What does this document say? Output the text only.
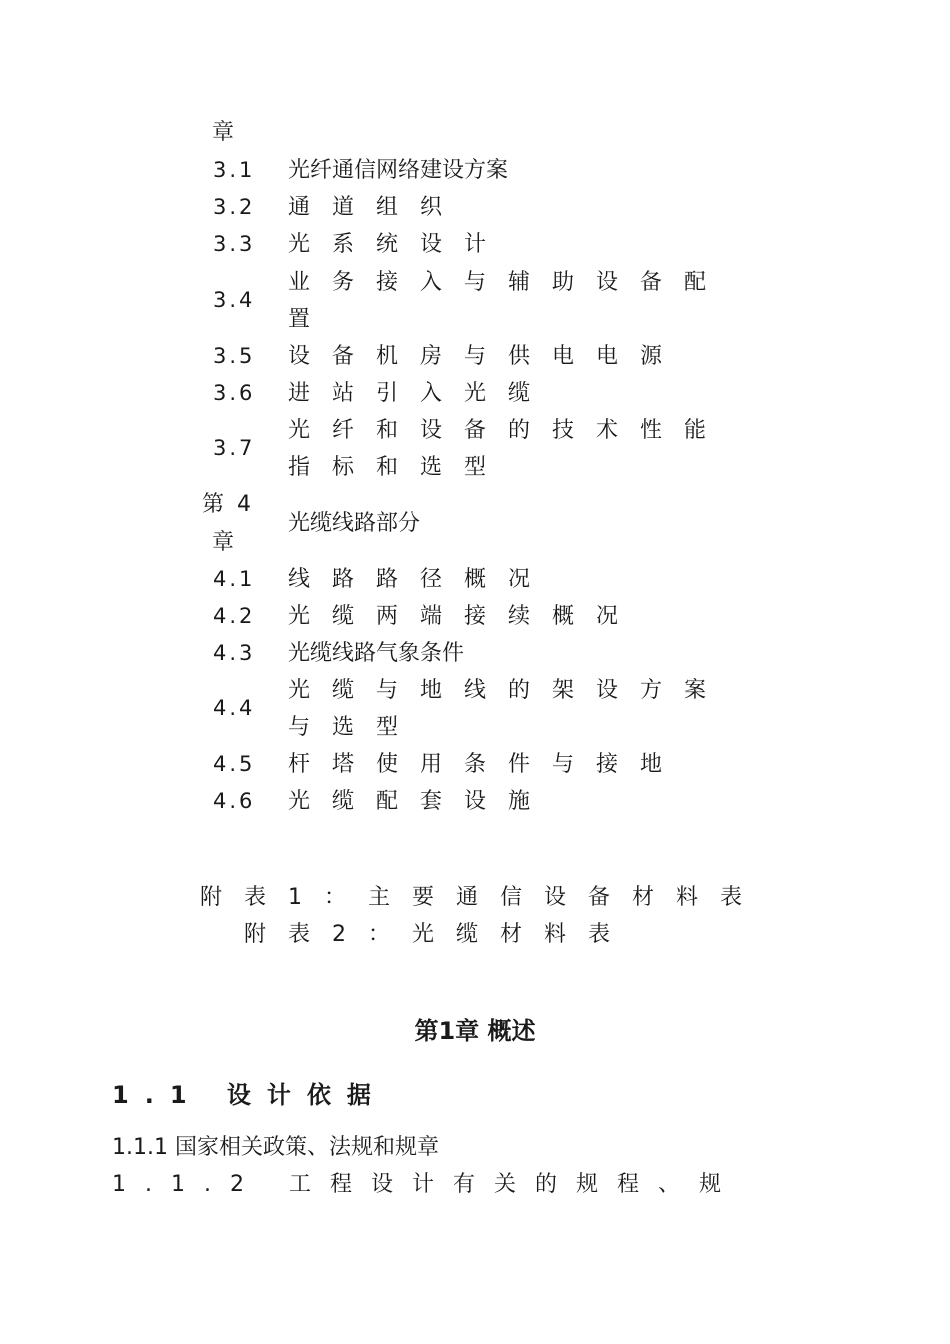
章
3.1 光纤通信网络建设方案
3.2 通道组织
3.3 光系统设计
3.4
业务接入与辅助设备配
置
3.5 设备机房与供电电源
3.6 进站引入光缆
3.7
光纤和设备的技术性能
指标和选型
第 4
章
光缆线路部分
4.1 线路路径概况
4.2 光缆两端接续概况
4.3 光缆线路气象条件
4.4
光缆与地线的架设方案
与选型
4.5 杆塔使用条件与接地
4.6 光缆配套设施
附表1：主要通信设备材料表
附表2：光缆材料表
第1章 概述
1.1 设计依据
1.1.1 国家相关政策、法规和规章
1.1.2 工程设计有关的规程、规
